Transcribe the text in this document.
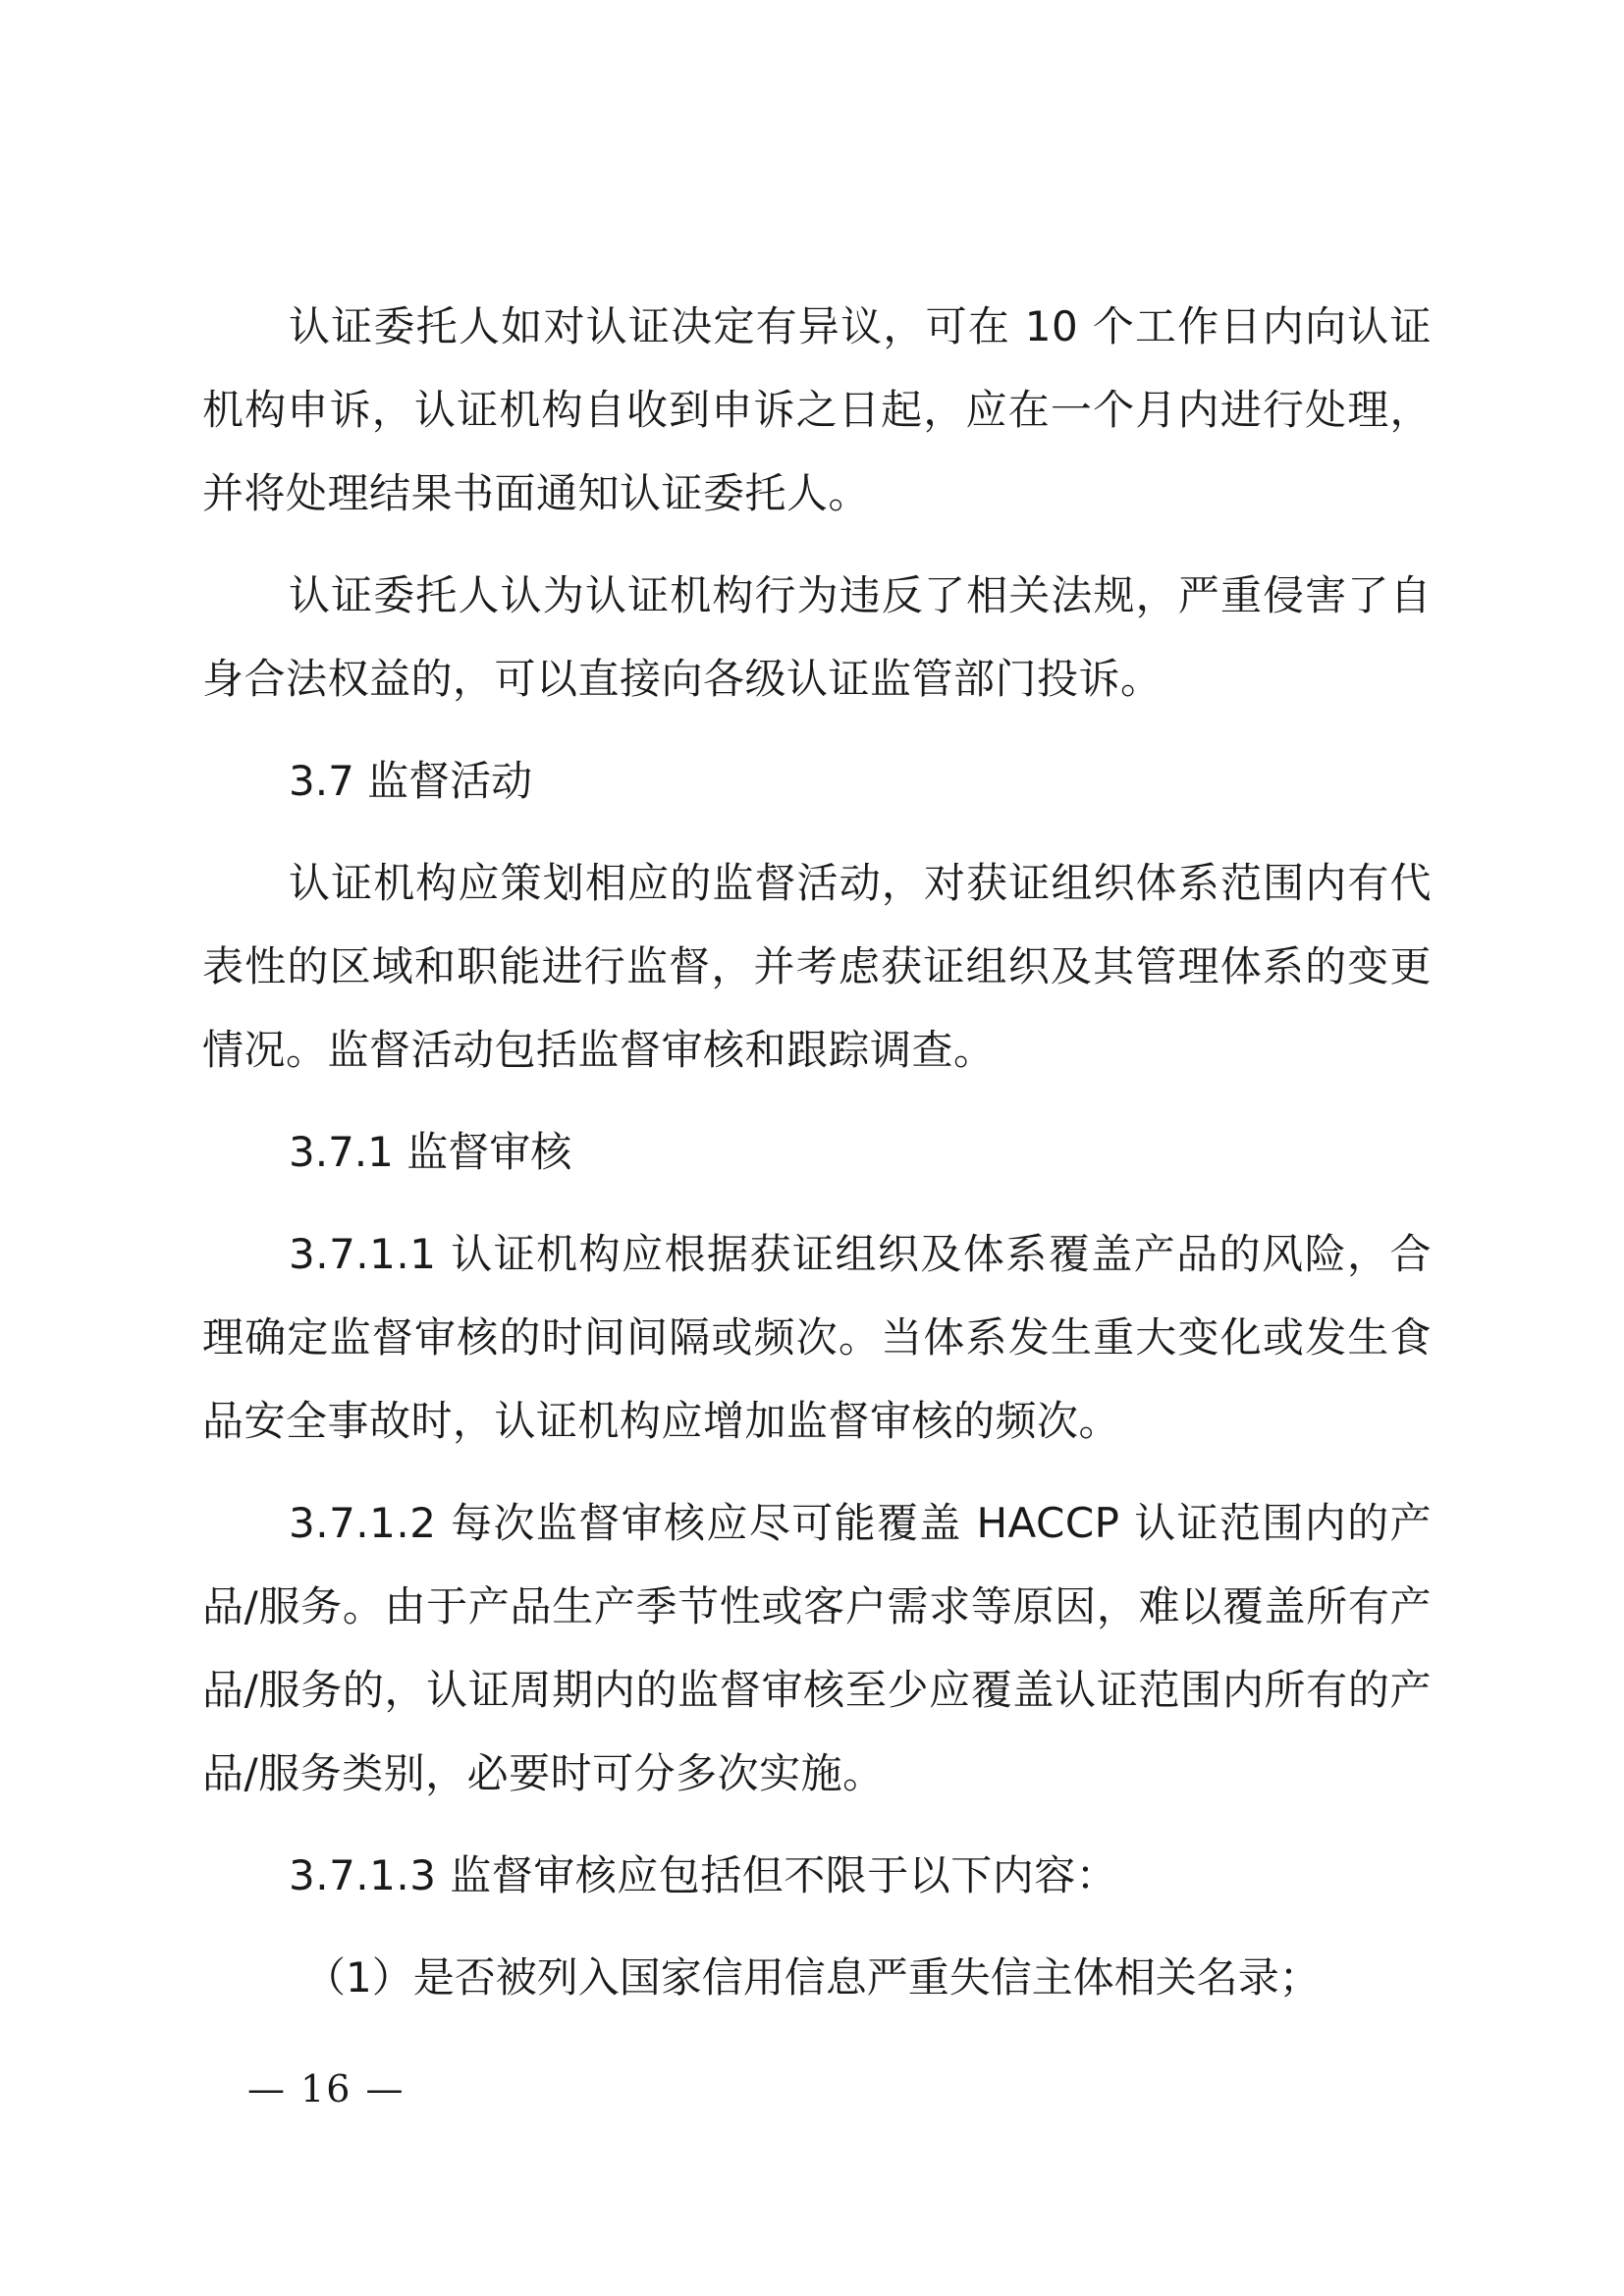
认证委托人如对认证决定有异议，可在 10 个工作日内向认证机构申诉，认证机构自收到申诉之日起，应在一个月内进行处理，并将处理结果书面通知认证委托人。

认证委托人认为认证机构行为违反了相关法规，严重侵害了自身合法权益的，可以直接向各级认证监管部门投诉。

3.7 监督活动

认证机构应策划相应的监督活动，对获证组织体系范围内有代表性的区域和职能进行监督，并考虑获证组织及其管理体系的变更情况。监督活动包括监督审核和跟踪调查。

3.7.1 监督审核

3.7.1.1 认证机构应根据获证组织及体系覆盖产品的风险，合理确定监督审核的时间间隔或频次。当体系发生重大变化或发生食品安全事故时，认证机构应增加监督审核的频次。

3.7.1.2 每次监督审核应尽可能覆盖 HACCP 认证范围内的产品/服务。由于产品生产季节性或客户需求等原因，难以覆盖所有产品/服务的，认证周期内的监督审核至少应覆盖认证范围内所有的产品/服务类别，必要时可分多次实施。

3.7.1.3 监督审核应包括但不限于以下内容：

（1）是否被列入国家信用信息严重失信主体相关名录；

— 16 —
